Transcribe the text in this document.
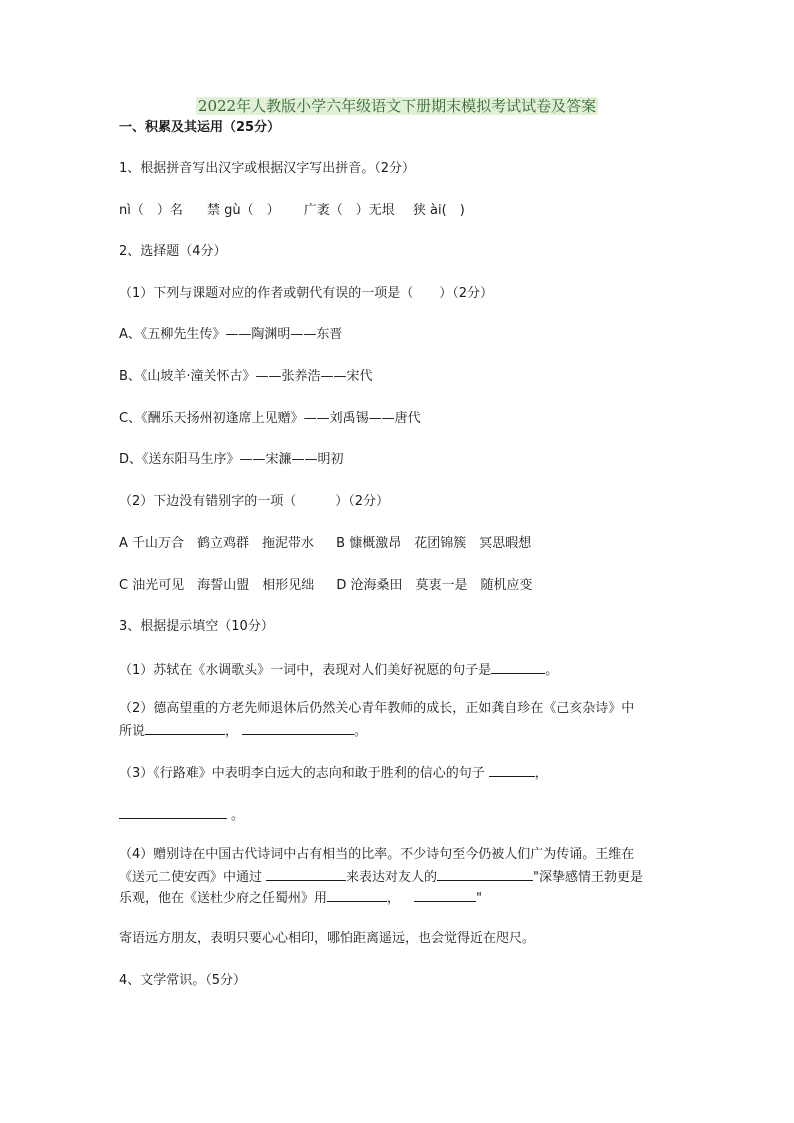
2022年人教版小学六年级语文下册期末模拟考试试卷及答案
一、积累及其运用（25分）
1、根据拼音写出汉字或根据汉字写出拼音。（2分）
nì（　）名 禁 gù（　） 广袤（　）无垠 狭 ài(　)
2、选择题（4分）
（1）下列与课题对应的作者或朝代有误的一项是（　　）（2分）
A、《五柳先生传》——陶渊明——东晋
B、《山坡羊·潼关怀古》——张养浩——宋代
C、《酬乐天扬州初逢席上见赠》——刘禹锡——唐代
D、《送东阳马生序》——宋濂——明初
（2）下边没有错别字的一项（　　　）（2分）
A 千山万合　鹤立鸡群　拖泥带水 B 慷概激昂　花团锦簇　冥思暇想
C 油光可见　海誓山盟　相形见绌 D 沧海桑田　莫衷一是　随机应变
3、根据提示填空（10分）
（1）苏轼在《水调歌头》一词中，表现对人们美好祝愿的句子是	。
（2）德高望重的方老先师退休后仍然关心青年教师的成长，正如龚自珍在《己亥杂诗》中
所说	，	。
（3）《行路难》中表明李白远大的志向和敢于胜利的信心的句子	，
。
（4）赠别诗在中国古代诗词中占有相当的比率。不少诗句至今仍被人们广为传诵。王维在
《送元二使安西》中通过	来表达对友人的	"深挚感情王勃更是
乐观，他在《送杜少府之任蜀州》用	，	"
寄语远方朋友，表明只要心心相印，哪怕距离遥远，也会觉得近在咫尺。
4、文学常识。（5分）
